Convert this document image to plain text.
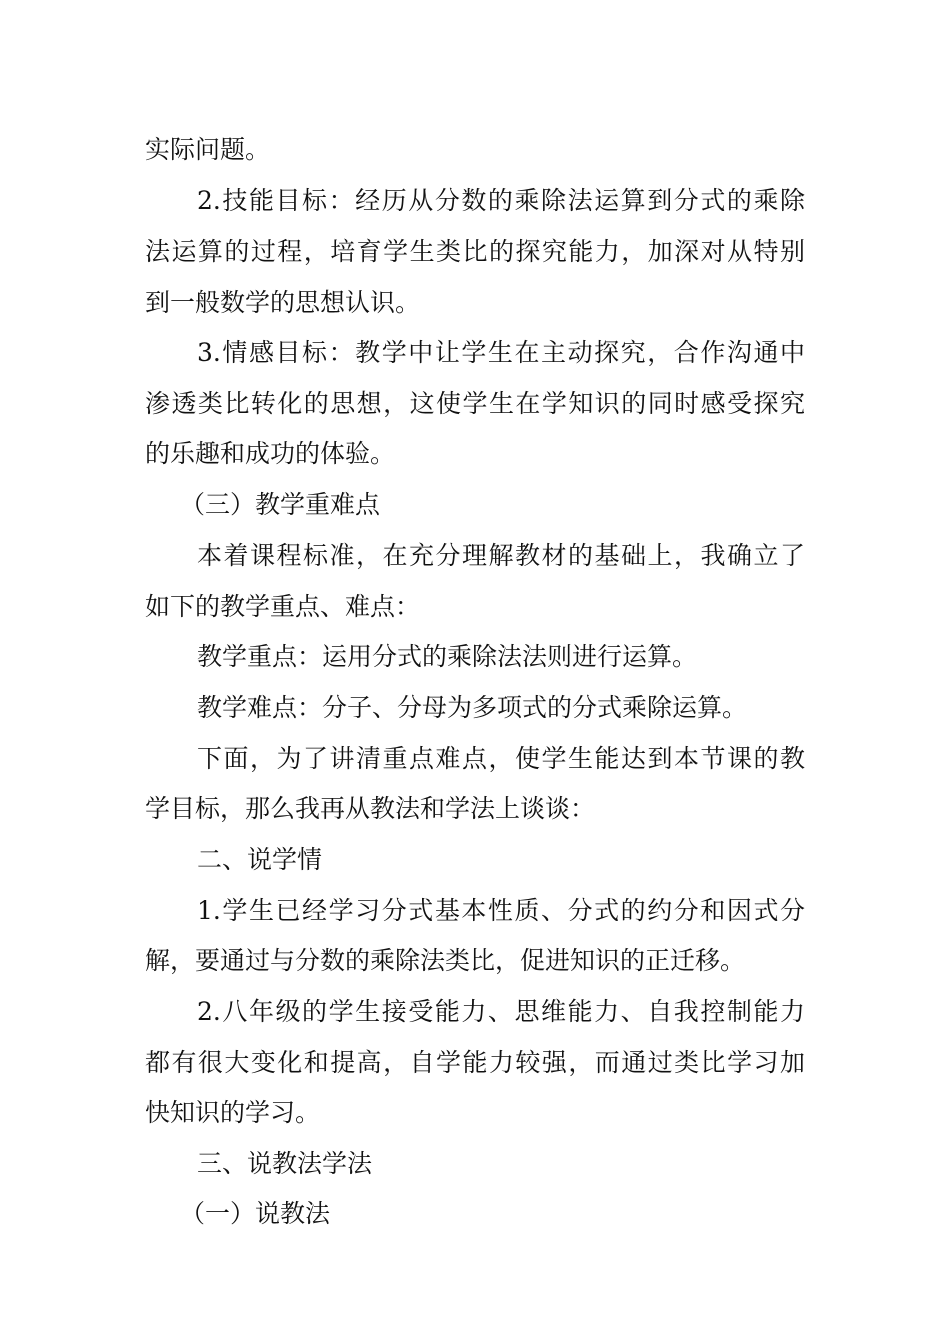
实际问题。
2.技能目标：经历从分数的乘除法运算到分式的乘除
法运算的过程，培育学生类比的探究能力，加深对从特别
到一般数学的思想认识。
3.情感目标：教学中让学生在主动探究，合作沟通中
渗透类比转化的思想，这使学生在学知识的同时感受探究
的乐趣和成功的体验。
（三）教学重难点
本着课程标准，在充分理解教材的基础上，我确立了
如下的教学重点、难点：
教学重点：运用分式的乘除法法则进行运算。
教学难点：分子、分母为多项式的分式乘除运算。
下面，为了讲清重点难点，使学生能达到本节课的教
学目标，那么我再从教法和学法上谈谈：
二、说学情
1.学生已经学习分式基本性质、分式的约分和因式分
解，要通过与分数的乘除法类比，促进知识的正迁移。
2.八年级的学生接受能力、思维能力、自我控制能力
都有很大变化和提高，自学能力较强，而通过类比学习加
快知识的学习。
三、说教法学法
（一）说教法
